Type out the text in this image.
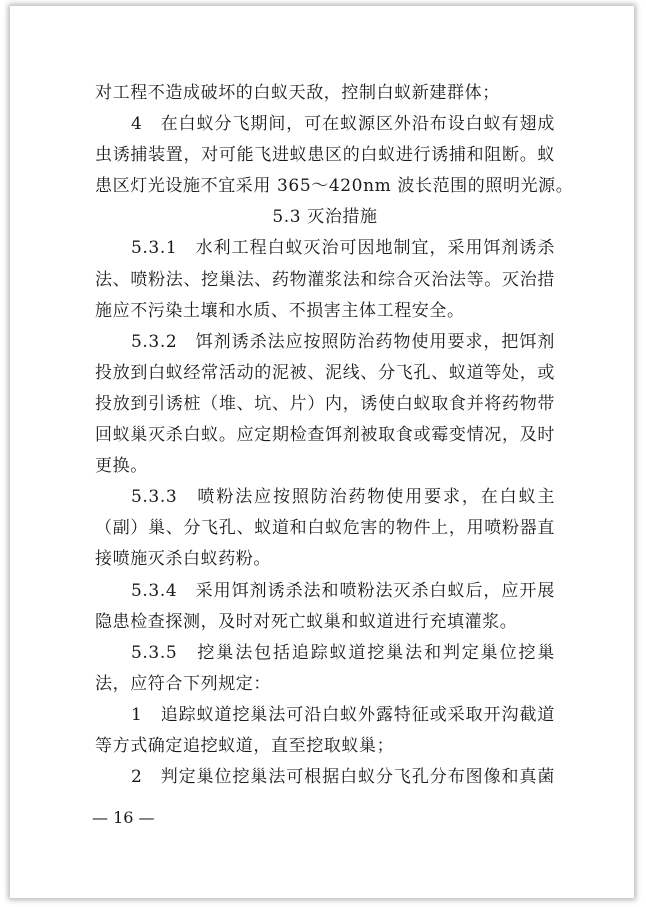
对工程不造成破坏的白蚁天敌，控制白蚁新建群体；
4　在白蚁分飞期间，可在蚁源区外沿布设白蚁有翅成
虫诱捕装置，对可能飞进蚁患区的白蚁进行诱捕和阻断。蚁
患区灯光设施不宜采用 365～420nm 波长范围的照明光源。
5.3 灭治措施
5.3.1　水利工程白蚁灭治可因地制宜，采用饵剂诱杀
法、喷粉法、挖巢法、药物灌浆法和综合灭治法等。灭治措
施应不污染土壤和水质、不损害主体工程安全。
5.3.2　饵剂诱杀法应按照防治药物使用要求，把饵剂
投放到白蚁经常活动的泥被、泥线、分飞孔、蚁道等处，或
投放到引诱桩（堆、坑、片）内，诱使白蚁取食并将药物带
回蚁巢灭杀白蚁。应定期检查饵剂被取食或霉变情况，及时
更换。
5.3.3　喷粉法应按照防治药物使用要求，在白蚁主
（副）巢、分飞孔、蚁道和白蚁危害的物件上，用喷粉器直
接喷施灭杀白蚁药粉。
5.3.4　采用饵剂诱杀法和喷粉法灭杀白蚁后，应开展
隐患检查探测，及时对死亡蚁巢和蚁道进行充填灌浆。
5.3.5　挖巢法包括追踪蚁道挖巢法和判定巢位挖巢
法，应符合下列规定：
1　追踪蚁道挖巢法可沿白蚁外露特征或采取开沟截道
等方式确定追挖蚁道，直至挖取蚁巢；
2　判定巢位挖巢法可根据白蚁分飞孔分布图像和真菌
— 16 —
